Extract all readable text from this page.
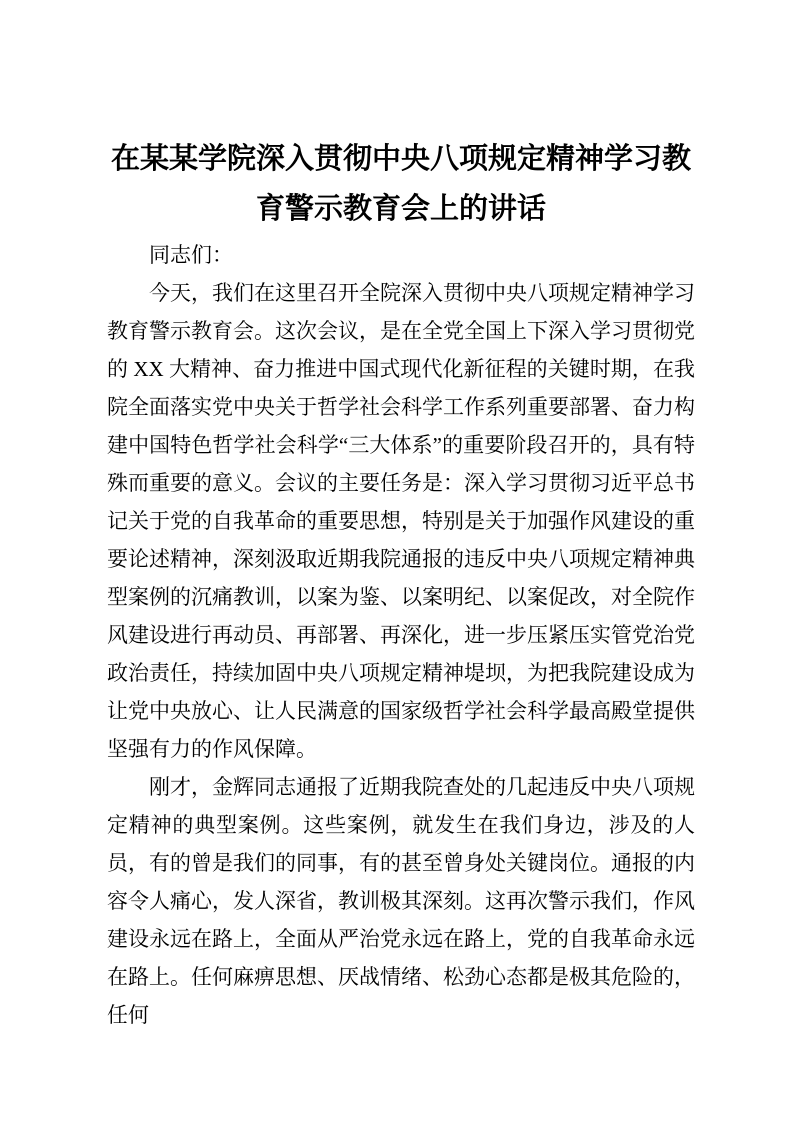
在某某学院深入贯彻中央八项规定精神学习教育警示教育会上的讲话

同志们：

今天，我们在这里召开全院深入贯彻中央八项规定精神学习教育警示教育会。这次会议，是在全党全国上下深入学习贯彻党的 XX 大精神、奋力推进中国式现代化新征程的关键时期，在我院全面落实党中央关于哲学社会科学工作系列重要部署、奋力构建中国特色哲学社会科学“三大体系”的重要阶段召开的，具有特殊而重要的意义。会议的主要任务是：深入学习贯彻习近平总书记关于党的自我革命的重要思想，特别是关于加强作风建设的重要论述精神，深刻汲取近期我院通报的违反中央八项规定精神典型案例的沉痛教训，以案为鉴、以案明纪、以案促改，对全院作风建设进行再动员、再部署、再深化，进一步压紧压实管党治党政治责任，持续加固中央八项规定精神堤坝，为把我院建设成为让党中央放心、让人民满意的国家级哲学社会科学最高殿堂提供坚强有力的作风保障。

刚才，金辉同志通报了近期我院查处的几起违反中央八项规定精神的典型案例。这些案例，就发生在我们身边，涉及的人员，有的曾是我们的同事，有的甚至曾身处关键岗位。通报的内容令人痛心，发人深省，教训极其深刻。这再次警示我们，作风建设永远在路上，全面从严治党永远在路上，党的自我革命永远在路上。任何麻痹思想、厌战情绪、松劲心态都是极其危险的，任何
